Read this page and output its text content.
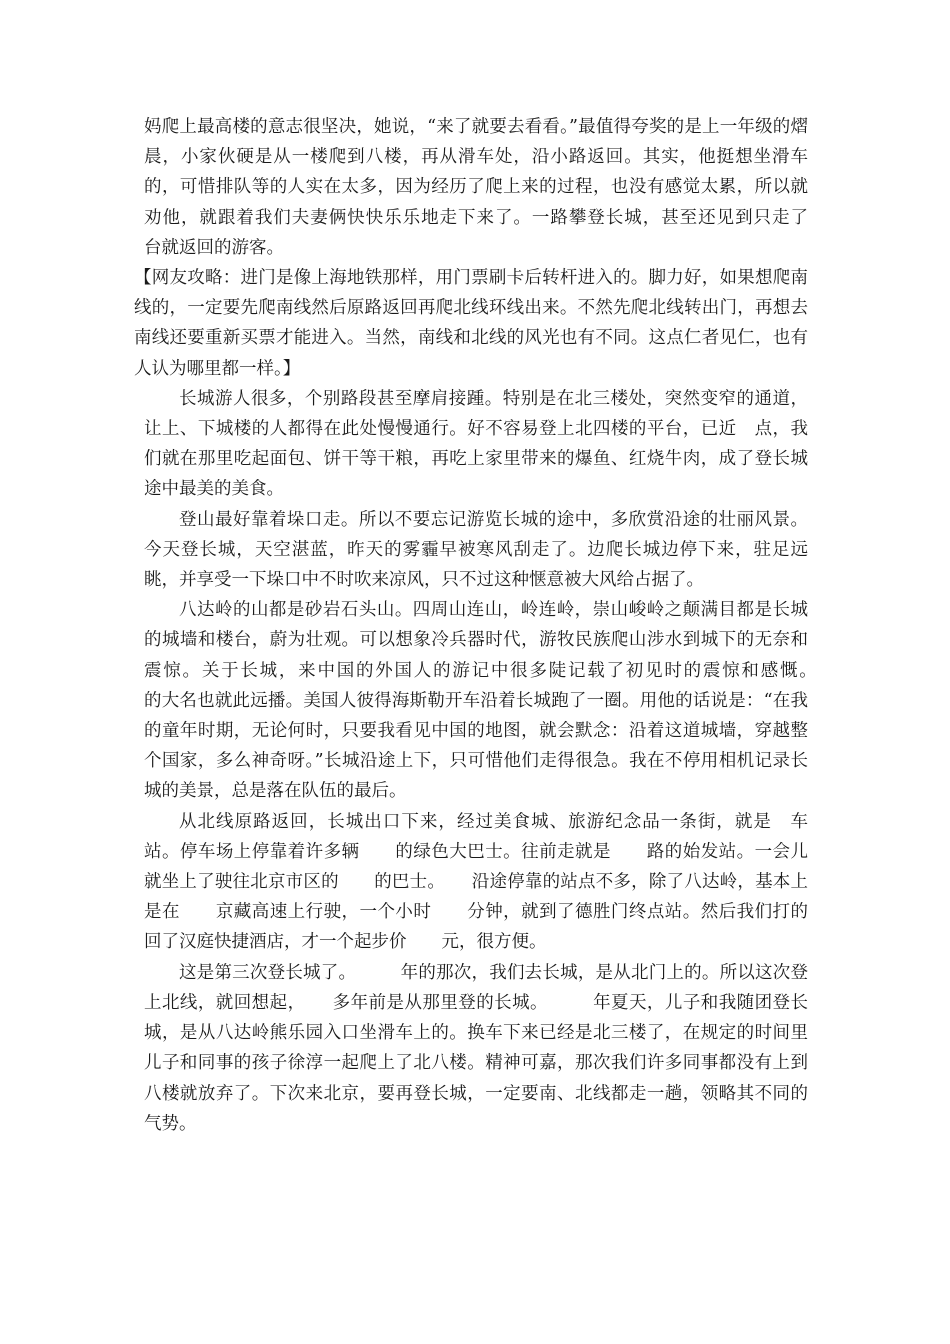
妈爬上最高楼的意志很坚决，她说，“来了就要去看看。”最值得夸奖的是上一年级的熠晨，小家伙硬是从一楼爬到八楼，再从滑车处，沿小路返回。其实，他挺想坐滑车的，可惜排队等的人实在太多，因为经历了爬上来的过程，也没有感觉太累，所以就劝他，就跟着我们夫妻俩快快乐乐地走下来了。一路攀登长城，甚至还见到只走了　台就返回的游客。

【网友攻略：进门是像上海地铁那样，用门票刷卡后转杆进入的。脚力好，如果想爬南线的，一定要先爬南线然后原路返回再爬北线环线出来。不然先爬北线转出门，再想去南线还要重新买票才能进入。当然，南线和北线的风光也有不同。这点仁者见仁，也有人认为哪里都一样。】

长城游人很多，个别路段甚至摩肩接踵。特别是在北三楼处，突然变窄的通道，让上、下城楼的人都得在此处慢慢通行。好不容易登上北四楼的平台，已近　点，我们就在那里吃起面包、饼干等干粮，再吃上家里带来的爆鱼、红烧牛肉，成了登长城途中最美的美食。

登山最好靠着垛口走。所以不要忘记游览长城的途中，多欣赏沿途的壮丽风景。今天登长城，天空湛蓝，昨天的雾霾早被寒风刮走了。边爬长城边停下来，驻足远眺，并享受一下垛口中不时吹来凉风，只不过这种惬意被大风给占据了。

八达岭的山都是砂岩石头山。四周山连山，岭连岭，崇山峻岭之颠满目都是长城的城墙和楼台，蔚为壮观。可以想象冷兵器时代，游牧民族爬山涉水到城下的无奈和震惊。关于长城，来中国的外国人的游记中很多陡记载了初见时的震惊和感慨。　　　　　的大名也就此远播。美国人彼得海斯勒开车沿着长城跑了一圈。用他的话说是：“在我的童年时期，无论何时，只要我看见中国的地图，就会默念：沿着这道城墙，穿越整个国家，多么神奇呀。”长城沿途上下，只可惜他们走得很急。我在不停用相机记录长城的美景，总是落在队伍的最后。

从北线原路返回，长城出口下来，经过美食城、旅游纪念品一条街，就是　车站。停车场上停靠着许多辆　　的绿色大巴士。往前走就是　　路的始发站。一会儿就坐上了驶往北京市区的　　的巴士。　　沿途停靠的站点不多，除了八达岭，基本上是在　　京藏高速上行驶，一个小时　　分钟，就到了德胜门终点站。然后我们打的回了汉庭快捷酒店，才一个起步价　　元，很方便。

这是第三次登长城了。　　　年的那次，我们去长城，是从北门上的。所以这次登上北线，就回想起，　　多年前是从那里登的长城。　　　年夏天，儿子和我随团登长城，是从八达岭熊乐园入口坐滑车上的。换车下来已经是北三楼了，在规定的时间里儿子和同事的孩子徐淳一起爬上了北八楼。精神可嘉，那次我们许多同事都没有上到八楼就放弃了。下次来北京，要再登长城，一定要南、北线都走一趟，领略其不同的气势。
